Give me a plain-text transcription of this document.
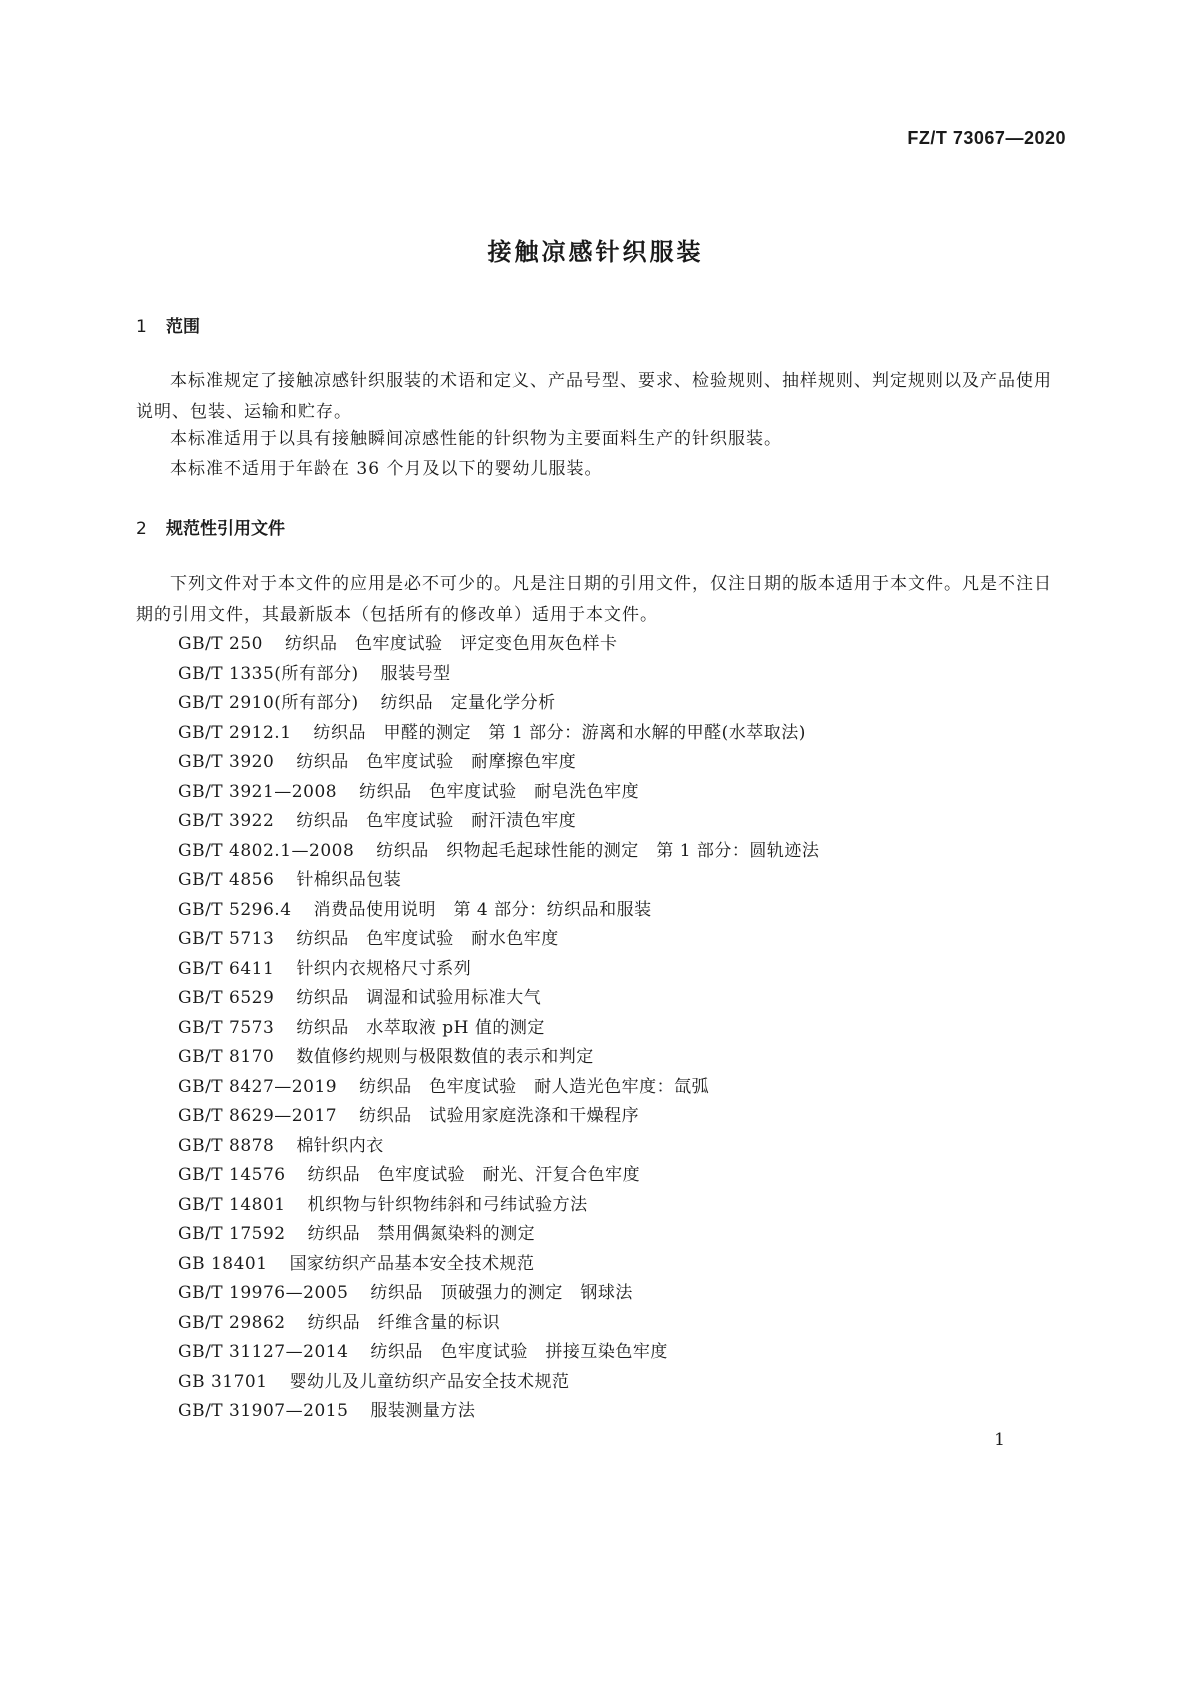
FZ/T 73067—2020
接触凉感针织服装
1 范围
本标准规定了接触凉感针织服装的术语和定义、产品号型、要求、检验规则、抽样规则、判定规则以及产品使用说明、包装、运输和贮存。
本标准适用于以具有接触瞬间凉感性能的针织物为主要面料生产的针织服装。
本标准不适用于年龄在 36 个月及以下的婴幼儿服装。
2 规范性引用文件
下列文件对于本文件的应用是必不可少的。凡是注日期的引用文件，仅注日期的版本适用于本文件。凡是不注日期的引用文件，其最新版本（包括所有的修改单）适用于本文件。
GB/T 250 纺织品　色牢度试验　评定变色用灰色样卡
GB/T 1335(所有部分) 服装号型
GB/T 2910(所有部分) 纺织品　定量化学分析
GB/T 2912.1 纺织品　甲醛的测定　第 1 部分：游离和水解的甲醛(水萃取法)
GB/T 3920 纺织品　色牢度试验　耐摩擦色牢度
GB/T 3921—2008 纺织品　色牢度试验　耐皂洗色牢度
GB/T 3922 纺织品　色牢度试验　耐汗渍色牢度
GB/T 4802.1—2008 纺织品　织物起毛起球性能的测定　第 1 部分：圆轨迹法
GB/T 4856 针棉织品包装
GB/T 5296.4 消费品使用说明　第 4 部分：纺织品和服装
GB/T 5713 纺织品　色牢度试验　耐水色牢度
GB/T 6411 针织内衣规格尺寸系列
GB/T 6529 纺织品　调湿和试验用标准大气
GB/T 7573 纺织品　水萃取液 pH 值的测定
GB/T 8170 数值修约规则与极限数值的表示和判定
GB/T 8427—2019 纺织品　色牢度试验　耐人造光色牢度：氙弧
GB/T 8629—2017 纺织品　试验用家庭洗涤和干燥程序
GB/T 8878 棉针织内衣
GB/T 14576 纺织品　色牢度试验　耐光、汗复合色牢度
GB/T 14801 机织物与针织物纬斜和弓纬试验方法
GB/T 17592 纺织品　禁用偶氮染料的测定
GB 18401 国家纺织产品基本安全技术规范
GB/T 19976—2005 纺织品　顶破强力的测定　钢球法
GB/T 29862 纺织品　纤维含量的标识
GB/T 31127—2014 纺织品　色牢度试验　拼接互染色牢度
GB 31701 婴幼儿及儿童纺织产品安全技术规范
GB/T 31907—2015 服装测量方法
1
